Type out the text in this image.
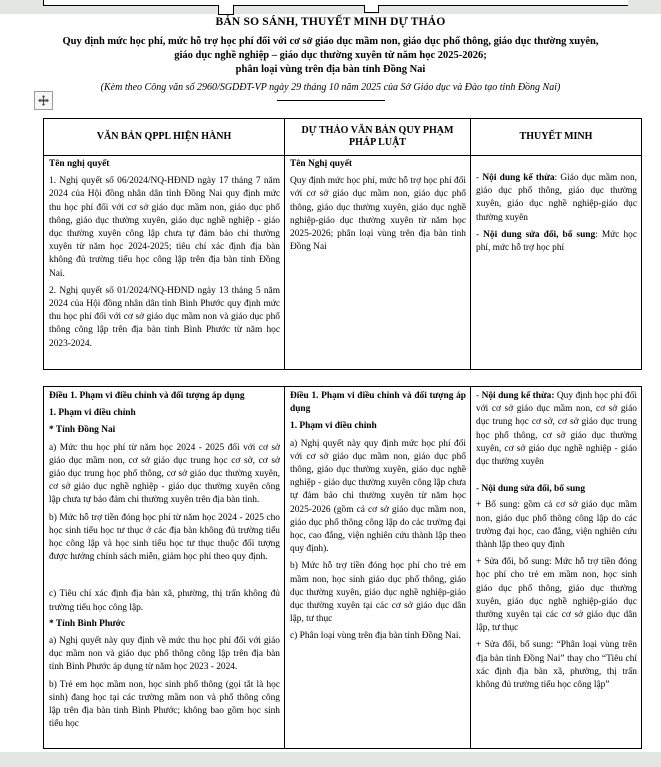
BẢN SO SÁNH, THUYẾT MINH DỰ THẢO
Quy định mức học phí, mức hỗ trợ học phí đối với cơ sở giáo dục mầm non, giáo dục phổ thông, giáo dục thường xuyên, giáo dục nghề nghiệp – giáo dục thường xuyên từ năm học 2025-2026;
phân loại vùng trên địa bàn tỉnh Đồng Nai
(Kèm theo Công văn số 2960/SGDĐT-VP ngày 29 tháng 10 năm 2025 của Sở Giáo dục và Đào tạo tỉnh Đồng Nai)
VĂN BẢN QPPL HIỆN HÀNH
DỰ THẢO VĂN BẢN QUY PHẠM PHÁP LUẬT
THUYẾT MINH

Tên nghị quyết

1. Nghị quyết số 06/2024/NQ-HĐND ngày 17 tháng 7 năm 2024 của Hội đồng nhân dân tỉnh Đồng Nai quy định mức thu học phí đối với cơ sở giáo dục mầm non, giáo dục phổ thông, giáo dục thường xuyên, giáo dục nghề nghiệp - giáo dục thường xuyên công lập chưa tự đảm bảo chi thường xuyên từ năm học 2024-2025; tiêu chí xác định địa bàn không đủ trường tiểu học công lập trên địa bàn tỉnh Đồng Nai.

2. Nghị quyết số 01/2024/NQ-HĐND ngày 13 tháng 5 năm 2024 của Hội đồng nhân dân tỉnh Bình Phước quy định mức thu học phí đối với cơ sở giáo dục mầm non và giáo dục phổ thông công lập trên địa bàn tỉnh Bình Phước từ năm học 2023-2024.

Tên Nghị quyết

Quy định mức học phí, mức hỗ trợ học phí đối với cơ sở giáo dục mầm non, giáo dục phổ thông, giáo dục thường xuyên, giáo dục nghề nghiệp-giáo dục thường xuyên từ năm học 2025-2026; phân loại vùng trên địa bàn tỉnh Đồng Nai

- Nội dung kế thừa: Giáo dục mầm non, giáo dục phổ thông, giáo dục thường xuyên, giáo dục nghề nghiệp-giáo dục thường xuyên

- Nội dung sửa đổi, bổ sung: Mức học phí, mức hỗ trợ học phí

Điều 1. Phạm vi điều chỉnh và đối tượng áp dụng

1. Phạm vi điều chỉnh

* Tỉnh Đồng Nai

a) Mức thu học phí từ năm học 2024 - 2025 đối với cơ sở giáo dục mầm non, cơ sở giáo dục trung học cơ sở, cơ sở giáo dục trung học phổ thông, cơ sở giáo dục thường xuyên, cơ sở giáo dục nghề nghiệp - giáo dục thường xuyên công lập chưa tự bảo đảm chi thường xuyên trên địa bàn tỉnh.

b) Mức hỗ trợ tiền đóng học phí từ năm học 2024 - 2025 cho học sinh tiểu học tư thục ở các địa bàn không đủ trường tiểu học công lập và học sinh tiểu học tư thục thuộc đối tượng được hưởng chính sách miễn, giảm học phí theo quy định.

c) Tiêu chí xác định địa bàn xã, phường, thị trấn không đủ trường tiểu học công lập.

* Tỉnh Bình Phước

a) Nghị quyết này quy định về mức thu học phí đối với giáo dục mầm non và giáo dục phổ thông công lập trên địa bàn tỉnh Bình Phước áp dụng từ năm học 2023 - 2024.

b) Trẻ em học mầm non, học sinh phổ thông (gọi tắt là học sinh) đang học tại các trường mầm non và phổ thông công lập trên địa bàn tỉnh Bình Phước; không bao gồm học sinh tiểu học

Điều 1. Phạm vi điều chỉnh và đối tượng áp dụng

1. Phạm vi điều chỉnh

a) Nghị quyết này quy định mức học phí đối với cơ sở giáo dục mầm non, giáo dục phổ thông, giáo dục thường xuyên, giáo dục nghề nghiệp - giáo dục thường xuyên công lập chưa tự đảm bảo chi thường xuyên từ năm học 2025-2026 (gồm cả cơ sở giáo dục mầm non, giáo dục phổ thông công lập do các trường đại học, cao đẳng, viện nghiên cứu thành lập theo quy định).

b) Mức hỗ trợ tiền đóng học phí cho trẻ em mầm non, học sinh giáo dục phổ thông, giáo dục thường xuyên, giáo dục nghề nghiệp-giáo dục thường xuyên tại các cơ sở giáo dục dân lập, tư thục

c) Phân loại vùng trên địa bàn tỉnh Đồng Nai.

- Nội dung kế thừa: Quy định học phí đối với cơ sở giáo dục mầm non, cơ sở giáo dục trung học cơ sở, cơ sở giáo dục trung học phổ thông, cơ sở giáo dục thường xuyên, cơ sở giáo dục nghề nghiệp - giáo dục thường xuyên

- Nội dung sửa đổi, bổ sung

+ Bổ sung: gồm cả cơ sở giáo dục mầm non, giáo dục phổ thông công lập do các trường đại học, cao đẳng, viện nghiên cứu thành lập theo quy định

+ Sửa đổi, bổ sung: Mức hỗ trợ tiền đóng học phí cho trẻ em mầm non, học sinh giáo dục phổ thông, giáo dục thường xuyên, giáo dục nghề nghiệp-giáo dục thường xuyên tại các cơ sở giáo dục dân lập, tư thục

+ Sửa đổi, bổ sung: “Phân loại vùng trên địa bàn tỉnh Đồng Nai” thay cho “Tiêu chí xác định địa bàn xã, phường, thị trấn không đủ trường tiểu học công lập”
